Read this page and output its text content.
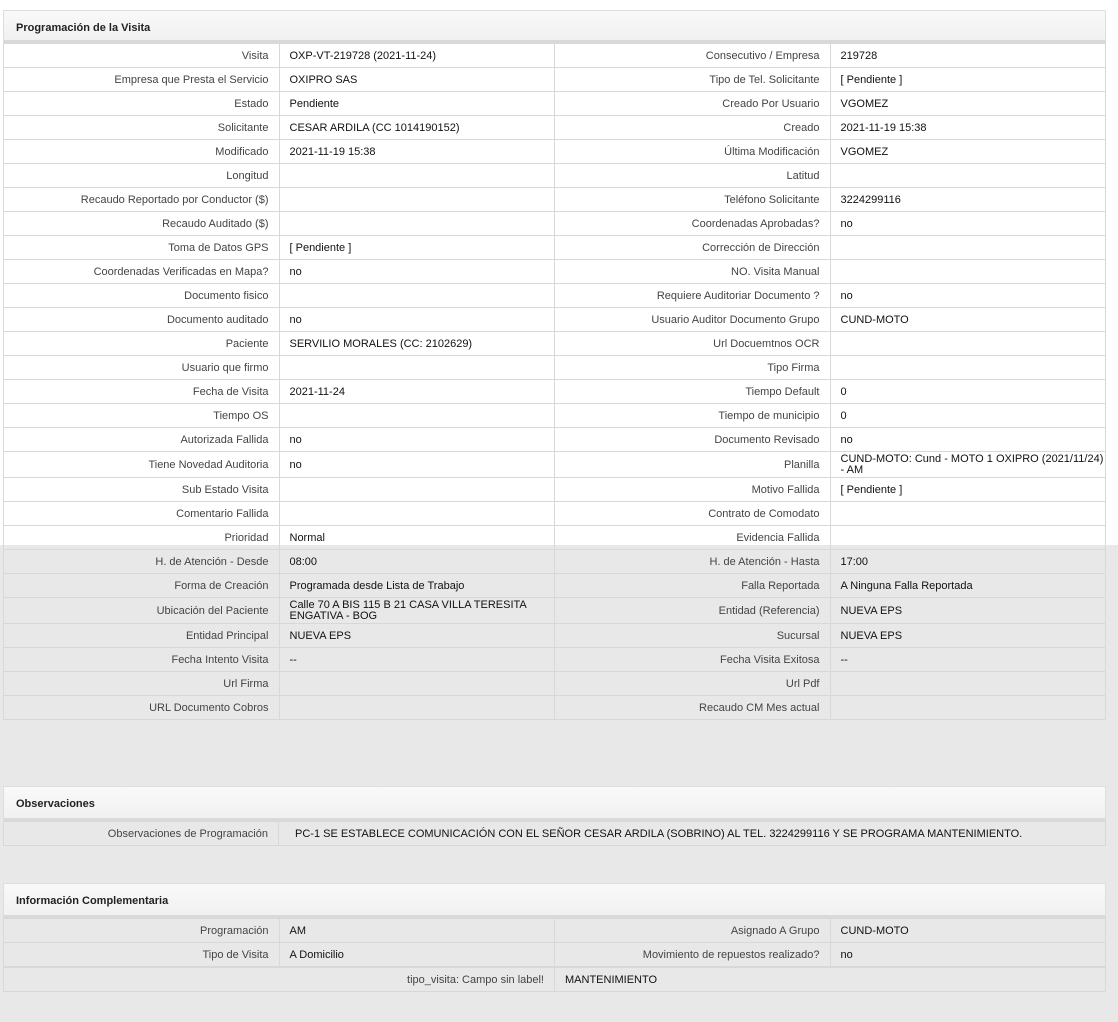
Programación de la Visita
Visita	OXP-VT-219728 (2021-11-24)	Consecutivo / Empresa	219728
Empresa que Presta el Servicio	OXIPRO SAS	Tipo de Tel. Solicitante	[ Pendiente ]
Estado	Pendiente	Creado Por Usuario	VGOMEZ
Solicitante	CESAR ARDILA (CC 1014190152)	Creado	2021-11-19 15:38
Modificado	2021-11-19 15:38	Última Modificación	VGOMEZ
Longitud		Latitud	
Recaudo Reportado por Conductor ($)		Teléfono Solicitante	3224299116
Recaudo Auditado ($)		Coordenadas Aprobadas?	no
Toma de Datos GPS	[ Pendiente ]	Corrección de Dirección	
Coordenadas Verificadas en Mapa?	no	NO. Visita Manual	
Documento fisico		Requiere Auditoriar Documento ?	no
Documento auditado	no	Usuario Auditor Documento Grupo	CUND-MOTO
Paciente	SERVILIO MORALES (CC: 2102629)	Url Docuemtnos OCR	
Usuario que firmo		Tipo Firma	
Fecha de Visita	2021-11-24	Tiempo Default	0
Tiempo OS		Tiempo de municipio	0
Autorizada Fallida	no	Documento Revisado	no
Tiene Novedad Auditoria	no	Planilla	CUND-MOTO: Cund - MOTO 1 OXIPRO (2021/11/24) - AM

Sub Estado Visita		Motivo Fallida	[ Pendiente ]
Comentario Fallida		Contrato de Comodato	
Prioridad	Normal	Evidencia Fallida	
H. de Atención - Desde	08:00	H. de Atención - Hasta	17:00
Forma de Creación	Programada desde Lista de Trabajo	Falla Reportada	A Ninguna Falla Reportada
Ubicación del Paciente	Calle 70 A BIS 115 B 21 CASA VILLA TERESITA ENGATIVA - BOG	Entidad (Referencia)	NUEVA EPS
Entidad Principal	NUEVA EPS	Sucursal	NUEVA EPS
Fecha Intento Visita	--	Fecha Visita Exitosa	--
Url Firma		Url Pdf	
URL Documento Cobros		Recaudo CM Mes actual	
Observaciones
Observaciones de Programación	PC-1 SE ESTABLECE COMUNICACIÓN CON EL SEÑOR CESAR ARDILA (SOBRINO) AL TEL. 3224299116 Y SE PROGRAMA MANTENIMIENTO.
Información Complementaria
Programación	AM	Asignado A Grupo	CUND-MOTO
Tipo de Visita	A Domicilio	Movimiento de repuestos realizado?	no
tipo_visita: Campo sin label!	MANTENIMIENTO
